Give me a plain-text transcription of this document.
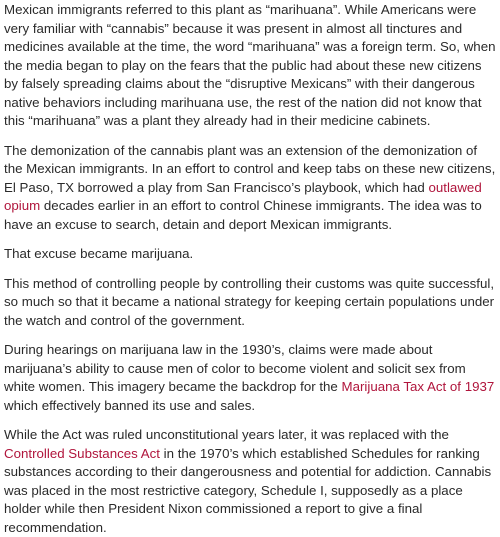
Mexican immigrants referred to this plant as “marihuana”. While Americans were very familiar with “cannabis” because it was present in almost all tinctures and medicines available at the time, the word “marihuana” was a foreign term. So, when the media began to play on the fears that the public had about these new citizens by falsely spreading claims about the “disruptive Mexicans” with their dangerous native behaviors including marihuana use, the rest of the nation did not know that this “marihuana” was a plant they already had in their medicine cabinets.

The demonization of the cannabis plant was an extension of the demonization of the Mexican immigrants. In an effort to control and keep tabs on these new citizens, El Paso, TX borrowed a play from San Francisco’s playbook, which had outlawed opium decades earlier in an effort to control Chinese immigrants. The idea was to have an excuse to search, detain and deport Mexican immigrants.

That excuse became marijuana.

This method of controlling people by controlling their customs was quite successful, so much so that it became a national strategy for keeping certain populations under the watch and control of the government.

During hearings on marijuana law in the 1930’s, claims were made about marijuana’s ability to cause men of color to become violent and solicit sex from white women. This imagery became the backdrop for the Marijuana Tax Act of 1937 which effectively banned its use and sales.

While the Act was ruled unconstitutional years later, it was replaced with the Controlled Substances Act in the 1970’s which established Schedules for ranking substances according to their dangerousness and potential for addiction. Cannabis was placed in the most restrictive category, Schedule I, supposedly as a place holder while then President Nixon commissioned a report to give a final recommendation.
